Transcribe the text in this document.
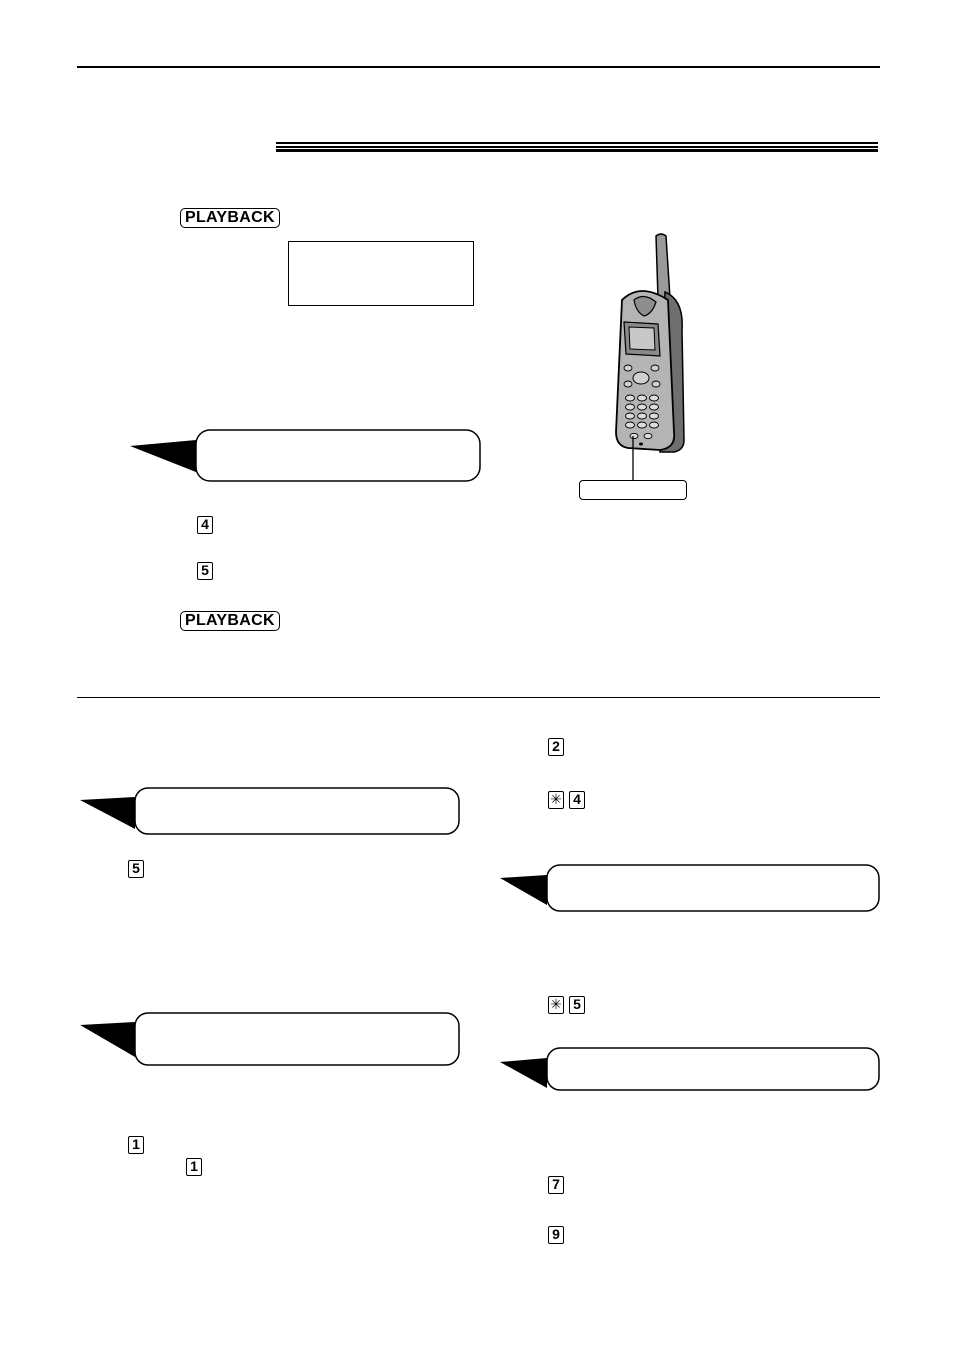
PLAYBACK
PLAYBACK
4
5
5
1
1
2
✳ 4
✳ 5
7
9
